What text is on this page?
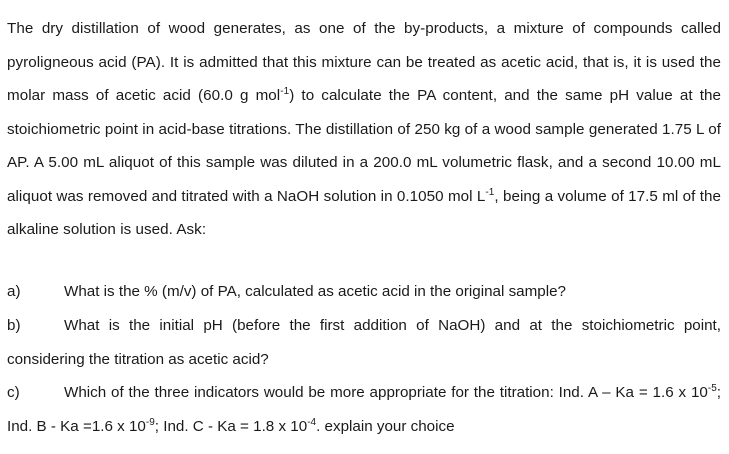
The dry distillation of wood generates, as one of the by-products, a mixture of compounds called pyroligneous acid (PA). It is admitted that this mixture can be treated as acetic acid, that is, it is used the molar mass of acetic acid (60.0 g mol$^{-1}$) to calculate the PA content, and the same pH value at the stoichiometric point in acid-base titrations. The distillation of 250 kg of a wood sample generated 1.75 L of AP. A 5.00 mL aliquot of this sample was diluted in a 200.0 mL volumetric flask, and a second 10.00 mL aliquot was removed and titrated with a NaOH solution in 0.1050 mol $L^{-1}$, being a volume of 17.5 ml of the alkaline solution is used. Ask:
a)	What is the % (m/v) of PA, calculated as acetic acid in the original sample?
b)	What is the initial pH (before the first addition of NaOH) and at the stoichiometric point, considering the titration as acetic acid?
c)	Which of the three indicators would be more appropriate for the titration: Ind. A – Ka = 1.6 x $10^{-5}$; Ind. B - Ka =1.6 x $10^{-9}$; Ind. C - Ka = 1.8 x $10^{-4}$. explain your choice
